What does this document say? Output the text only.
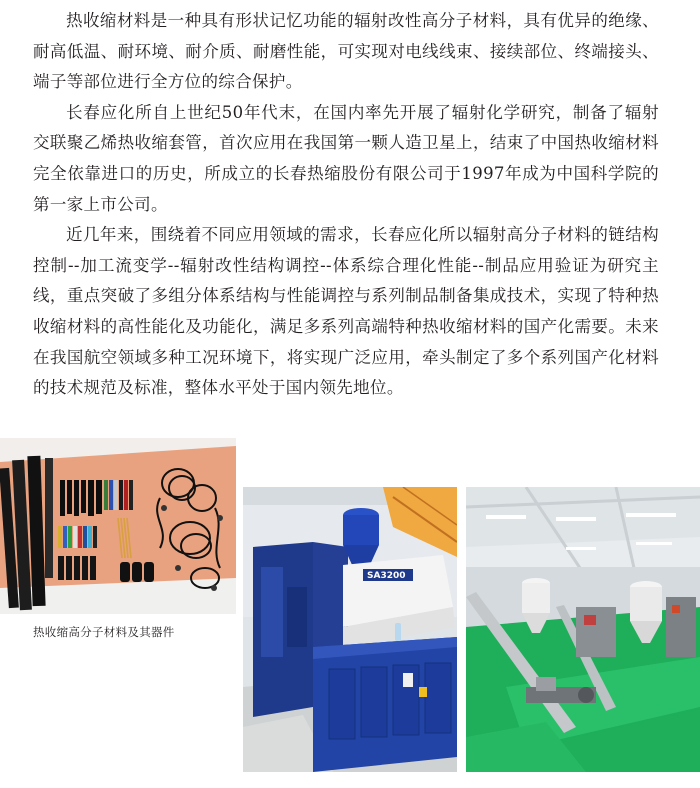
热收缩材料是一种具有形状记忆功能的辐射改性高分子材料，具有优异的绝缘、耐高低温、耐环境、耐介质、耐磨性能，可实现对电线线束、接续部位、终端接头、端子等部位进行全方位的综合保护。

长春应化所自上世纪50年代末，在国内率先开展了辐射化学研究，制备了辐射交联聚乙烯热收缩套管，首次应用在我国第一颗人造卫星上，结束了中国热收缩材料完全依靠进口的历史，所成立的长春热缩股份有限公司于1997年成为中国科学院的第一家上市公司。

近几年来，围绕着不同应用领域的需求，长春应化所以辐射高分子材料的链结构控制--加工流变学--辐射改性结构调控--体系综合理化性能--制品应用验证为研究主线，重点突破了多组分体系结构与性能调控与系列制品制备集成技术，实现了特种热收缩材料的高性能化及功能化，满足多系列高端特种热收缩材料的国产化需要。未来在我国航空领域多种工况环境下，将实现广泛应用，牵头制定了多个系列国产化材料的技术规范及标准，整体水平处于国内领先地位。

热收缩高分子材料及其器件
SA3200
